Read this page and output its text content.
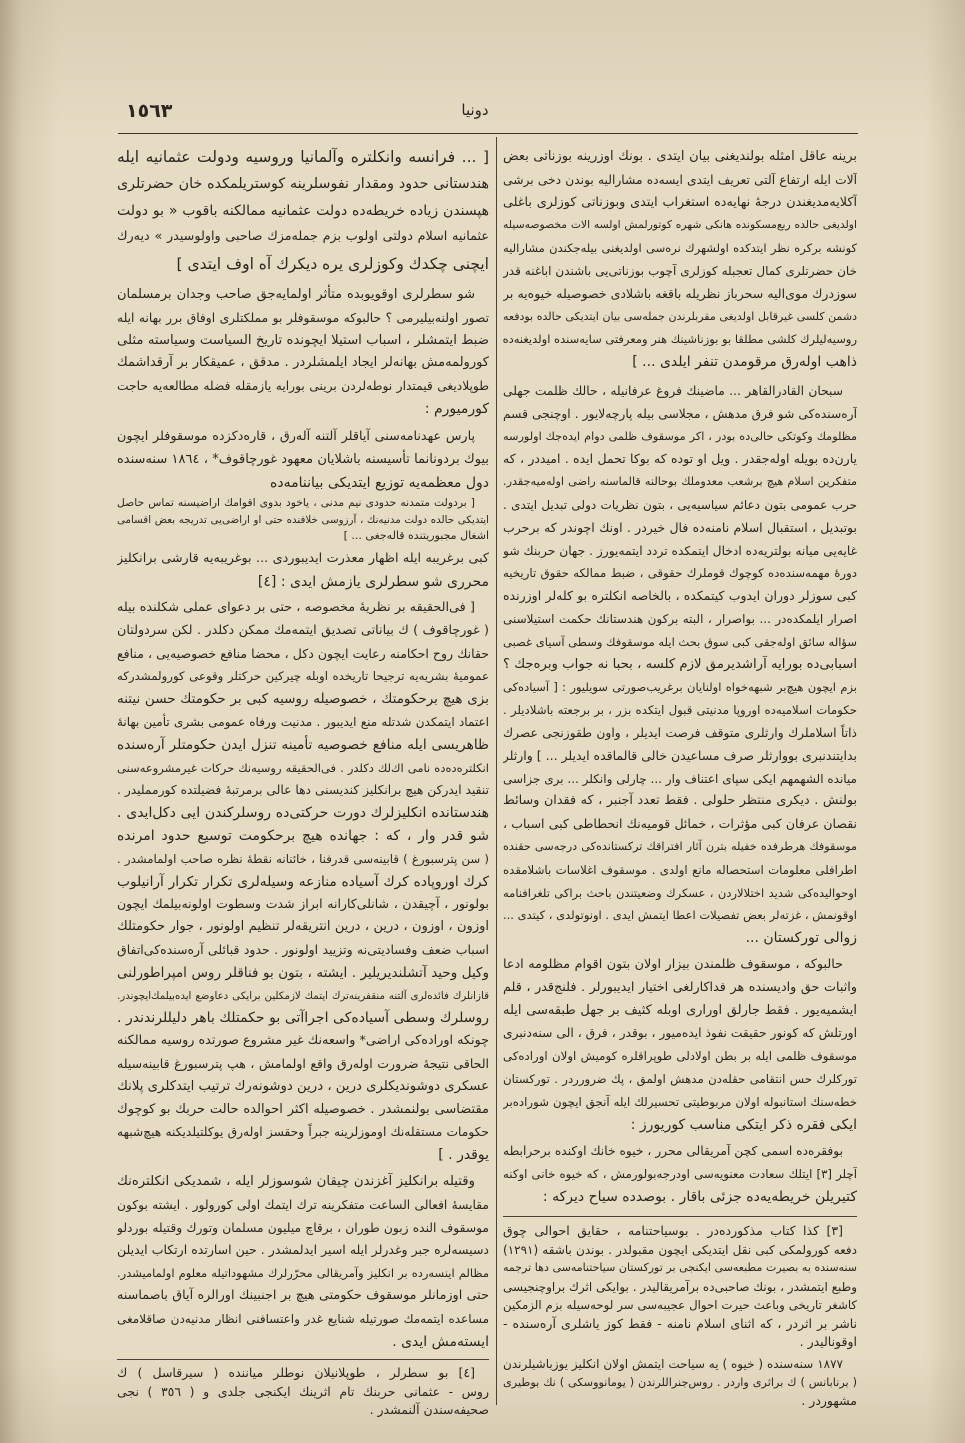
١٥٦٣	دونیا
برینه عاقل امثله بولندیغنی بیان ایتدی . بونك اوزرینه بوزناتی بعض
آلات ایله ارتفاع آلتی تعریف ایتدی ایسه‌ده مشارالیه بوندن دخی برشی
آکلایه‌مدیغندن درجهٔ نهایه‌ده استغراب ایتدی وبوزناتی کوزلری باغلی
اولدیغی حالده ربع‌مسکونده هانکی شهره کوتورلمش اولسه الات مخصوصه‌سیله
کونشه برکره نظر ایتدکده اولشهرك نره‌سی اولدیغنی بیله‌جکندن مشارالیه
خان حضرتلری کمال تعجبله کوزلری آچوب بوزناتی‌یی باشندن اباغنه قدر
سوزدرك موی‌الیه سحرباز نظریله باقغه باشلادی خصوصیله خیوه‌یه بر
دشمن کلسی غیرقابل اولدیغی مقربلرندن جمله‌سی بیان ایتدیکی حالده بودفعه
روسیه‌لیلرك کلشی مطلقا بو بوزناشینك هنر ومعرفتی سایه‌سنده اولدیغنه‌ده
ذاهب اوله‌رق مرقومدن تنفر ایلدی ... ]
سبحان القادرالقاهر ... ماضینك فروغ عرفانیله ، حالك ظلمت جهلی
آره‌سنده‌کی شو فرق مدهش ، مجلاسی بیله پارچه‌لایور . اوچنجی قسم
مظلومك وکوتکی حالی‌ده بودر ، اکر موسقوف ظلمی دوام ایده‌جك اولورسه
یارن‌ده بویله اوله‌جقدر . ویل او توده که بوکا تحمل ایده . امیددر ، که
متفکرین اسلام هیچ برشعب معدوملك بوحالنه قالماسنه راضی اوله‌میه‌جقدر.
حرب عمومی بتون دعائم سیاسیه‌یی ، بتون نظریات دولی تبدیل ایتدی .
بوتبدیل ، استقبال اسلام نامنه‌ده فال خیردر . اونك اچوندر که برحرب
غایه‌یی میانه بولتریه‌ده ادخال ایتمکده تردد ایتمه‌یورز . جهان حربنك شو
دورهٔ مهمه‌سنده‌ده کوچوك قوملرك حقوقی ، ضبط ممالکه حقوق تاریخیه
کبی سوزلر دوران ایدوب کیتمکده ، بالخاصه انکلتره بو کله‌لر اوزرنده
اصرار ایلمکده‌در ... بواصرار ، البته برکون هندستانك حکمت استیلاسنی
سؤاله سائق اوله‌جقی کبی سوق بحث ایله موسقوفك وسطی آسیای غصبی
اسبابی‌ده بورایه آراشدیرمق لازم کلسه ، بحبا نه جواب وبره‌جك ؟
بزم ایچون هیچ‌بر شبهه‌خواه اولنایان برغریب‌صورتی سویلیور : [ آسیاده‌کی
حکومات اسلامیه‌ده اوروپا مدنیتی قبول ایتکده بزر ، بر برجعته باشلادیلر .
ذاتاً اسلاملرك وارثلری متوقف فرصت ایدیلر ، واون طقوزنجی عصرك
بدایتندنبری بووارثلر صرف مساعیدن خالی قالماقده ایدیلر ... ] وارثلر
میانده الشهمهم ایکی سپای اعتناف وار ... چارلی وانکلر ... بری جزاسی
بولنش . دیکری منتظر حلولی . فقط تعدد آجنبر ، که فقدان وسائط
نقصان عرفان کبی مؤثرات ، خمائل قومیه‌نك انحطاطی کبی اسباب ،
موسقوفك هرطرفده خفیله بترن آثار افتراقك ترکستانده‌کی درجه‌سی حقنده
اطرافلی معلومات استحصاله مانع اولدی . موسقوف اغلاسات باشلامقده
اوحوالیده‌کی شدید اختلالاردن ، عسکرك وضعیتندن باحث براکی تلغرافنامه
اوقونمش ، غزته‌لر بعض تفصیلات اعطا ایتمش ایدی . اونوتولدی ، کیتدی ...
زوالی تورکستان ...
حالبوکه ، موسقوف ظلمندن بیزار اولان بتون اقوام مظلومه ادعا
واثبات حق وادیسنده هر فداکارلغی اختیار ایدیبورلر . فلنج‌قدر ، قلم
ایشمیه‌یور . فقط جارلق اوراری اوبله کثیف بر جهل طبقه‌سی ایله
اورتلش که کونور حقیقت نفوذ ایده‌میور ، بوقدر ، فرق ، الی سنه‌دنبری
موسقوف ظلمی ایله بر بطن اولادلی طوپراقلره کومیش اولان اوراده‌کی
تورکلرك حس انتقامی حقله‌دن مدهش اولمق ، پك ضرورردر . تورکستان
خطه‌سنك استانبوله اولان مربوطیتی تحسیرلك ایله آنجق ایچون شوراده‌بر
ایکی فقره ذکر ایتکی مناسب کوریورز :
بوفقره‌ده اسمی کچن آمریقالی محرر ، خیوه خانك اوکنده برحرابطه
آچلر [٣] ایتلك سعادت معنویه‌سی اودرجه‌بولورمش ، که خیوه خانی اوکنه
کتیریلن خریطه‌یه‌ده جزئی باقار . بوصدده سیاح دیرکه :
[٣] کذا کتاب مذکورده‌در . بوسیاحتنامه ، حقایق احوالی چوق
دفعه کورولمکی کبی نقل ایتدیکی ایچون مقبولدر . بوندن باشقه (١٢٩١)
سنه‌سنده به بصیرت مطبعه‌سی ایکنجی بر تورکستان سیاحتنامه‌سی دها ترجمه
وطبع ایتمشدر ، بونك صاحبی‌ده برآمریقالیدر . بوایکی اثرك براوچنجیسی
کاشغر تاریخی وباعث حیرت احوال عجیبه‌سی سر لوحه‌سیله بزم الزمکین
ناشر بر اثردر ، که اثنای اسلام نامنه - فقط کوز یاشلری آره‌سنده -
اوقونالیدر .
١٨٧٧ سنه‌سنده ( خیوه ) یه سیاحت ایتمش اولان انکلیز یوزباشیلرندن
( برنابانس ) ك براثری واردر . روس‌جنراللرندن ( یومانووسکی ) نك بوطیری
مشهوردر .
[ ... فرانسه وانکلتره وآلمانیا وروسیه ودولت عثمانیه ایله
هندستانی حدود ومقدار نفوسلرینه کوستریلمکده خان حضرتلری
هپسندن زیاده خریطه‌ده دولت عثمانیه ممالکنه باقوب « بو دولت
عثمانیه اسلام دولتی اولوب بزم جمله‌مزك صاحبی واولوسیدر » دیه‌رك
ایچنی چکدك وکوزلری یره دیکرك آه اوف ایتدی ]
شو سطرلری اوقویوبده متأثر اولمایه‌جق صاحب وجدان برمسلمان
تصور اولنه‌بیلیرمی ؟ حالبوکه موسقوفلر بو مملکتلری اوفاق برر بهانه ایله
ضبط ایتمشلر ، اسباب استیلا ایچونده تاریخ السیاست وسیاسته مثلی
کورولمه‌مش بهانه‌لر ایجاد ایلمشلردر . مدقق ، عمیقکار بر آرقداشمك
طوپلادیغی قیمتدار نوطه‌لردن برینی بورایه یازمقله فضله مطالعه‌یه حاجت
کورمیورم :
پارس عهدنامه‌سنی آیاقلر آلتنه آله‌رق ، قاره‌دکزده موسقوفلر ایچون
بیوك بردونانما تأسیسنه باشلایان معهود غورچاقوف* ، ١٨٦٤ سنه‌سنده
دول معظمه‌یه توزیع ایتدیکی بیاننامه‌ده
[ بردولت متمدنه حدودی نیم مدنی ، یاخود بدوی اقوامك اراضیسنه تماس حاصل
ایتدیکی حالده دولت مدنیه‌نك ، آرزوسی خلافنده حتی او اراضی‌یی تدریجه بعض اقسامی
اشغال مجبوریتنده قاله‌جغی ... ]
کبی برغریبه ایله اظهار معذرت ایدیبوردی ... بوغریبه‌یه قارشی برانکلیز
محرری شو سطرلری یازمش ایدی : [٤]
[ فی‌الحقیقه بر نظریهٔ مخصوصه ، حتی بر دعوای عملی شکلنده بیله
( غورچاقوف ) ك بیاناتی تصدیق ایتمه‌مك ممکن دکلدر . لکن سردولتان
حقانك روح احکامنه رعایت ایچون دکل ، محضا منافع خصوصیه‌یی ، منافع
عمومیهٔ بشریه‌یه ترجیحا تاریخده اوبله چیرکین حرکتلر وقوعی کورولمشدرکه
بزی هیچ برحکومتك ، خصوصیله روسیه کبی بر حکومتك حسن نیتنه
اعتماد ایتمکدن شدتله منع ایدیبور . مدنیت ورفاه عمومی بشری تأمین بهانهٔ
ظاهریسی ایله منافع خصوصیه تأمینه تنزل ایدن حکومتلر آره‌سنده
انکلتره‌ده‌ده نامی اك‌لك دکلدر . فی‌الحقیقه روسیه‌نك حرکات غیرمشروعه‌سنی
تنقید ایدرکن هیچ برانکلیز کندیسنی دها عالی برمرتبهٔ فضیلتده کورمملیدر .
هندستانده انکلیزلرك دورت حرکتی‌ده روسلرکندن ایی دکل‌ایدی .
شو قدر وار ، که : جهانده هیچ برحکومت توسیع حدود امرنده
( سن پترسبورغ ) قابینه‌سی قدرفنا ، خائنانه نقطهٔ نظره صاحب اولمامشدر .
کرك اوروپاده کرك آسیاده منازعه وسیله‌لری تکرار تکرار آرانیلوب
بولونور ، آچیقدن ، شانلی‌کارانه ابراز شدت وسطوت اولونه‌بیلمك ایچون
اوزون ، اوزون ، درین ، درین انتریقه‌لر تنظیم اولونور ، جوار حکومتلك
اسباب ضعف وفسادیتی‌نه وتزیید اولونور . حدود قبائلی آره‌سنده‌کی‌اتفاق
وکیل وحید آتشلندیریلیر . ایشته ، بتون بو فناقلر روس امپراطورلنی
قازانلرك فائده‌لری آلتنه منقفرینه‌ترك ایتمك لازمکلین برایکی دعاوضع ایده‌بیلمك‌ایچوندر.
روسلرك وسطی آسیاده‌کی اجراآتی بو حکمتلك باهر دلیللرندندر .
چونکه اوراده‌کی اراضی* واسعه‌نك غیر مشروع صورتده روسیه ممالکنه
الحاقی نتیجهٔ ضرورت اوله‌رق واقع اولمامش ، هپ پترسبورغ قابینه‌سیله
عسکری دوشوندیکلری درین ، درین دوشونه‌رك ترتیب ایتدکلری پلانك
مقتضاسی بولنمشدر . خصوصیله اکثر احوالده حالت حربك بو کوچوك
حکومات مستقله‌نك اوموزلرینه جبراً وحقسز اوله‌رق یوکلتیلدیکنه هیچ‌شبهه
یوقدر . ]
وقتیله برانکلیز آغزندن چیقان شوسوزلر ایله ، شمدیکی انکلتره‌نك
مقایسهٔ افعالی الساعت متفکرینه ترك ایتمك اولی کورولور . ایشته بوکون
موسقوف النده زبون طوران ، برقاچ میلیون مسلمان وتورك وقتیله بوردلو
دسیسه‌لره جبر وغدرلر ایله اسیر ایدلمشدر . حین اسارتده ارتکاب ایدیلن
مظالم اینسه‌رده بر انکلیز وآمریقالی محرّرلرك مشهوداتیله معلوم اولمامیشدر.
حتی اوزمانلر موسقوف حکومتی هیچ بر اجنبینك اورالره آیاق باصماسنه
مساعده ایتمه‌مك صورتیله شنایع غدر واعتسافنی انظار مدنیه‌دن صاقلامغی
ایسته‌مش ایدی .
[٤] بو سطرلر ، طوپلانیلان نوطلر میاننده ( سیرقاسل ) ك
روس - عثمانی حربنك تام اثرینك ایکنجی جلدی و ( ٣٥٦ ) نجی
صحیفه‌سندن آلنمشدر .
